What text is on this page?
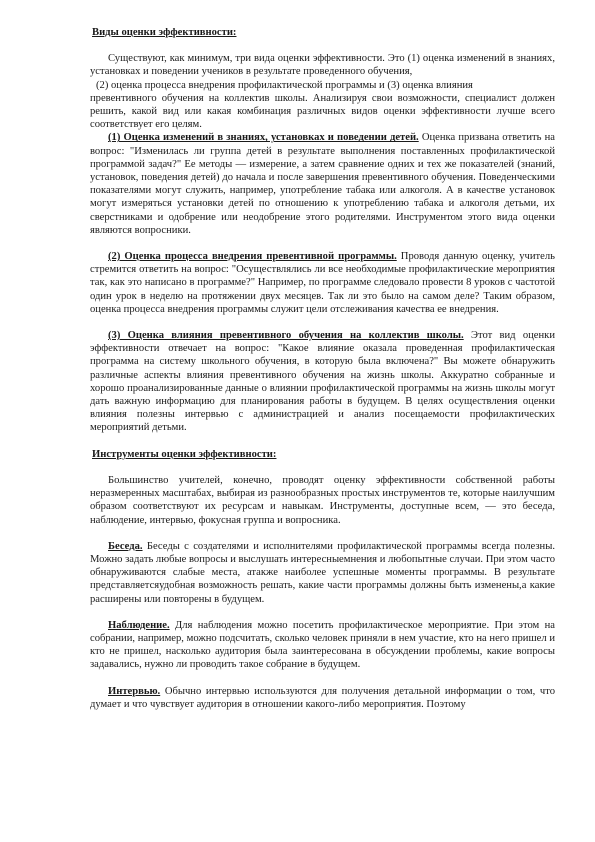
Виды оценки эффективности:

Существуют, как минимум, три вида оценки эффективности. Это (1) оценка изменений в знаниях, установках и поведении учеников в результате проведенного обучения,

(2) оценка процесса внедрения профилактической программы и (3) оценка влияния

превентивного обучения на коллектив школы. Анализируя свои возможности, специалист должен решить, какой вид или какая комбинация различных видов оценки эффективности лучше всего соответствует его целям.

(1) Оценка изменений в знаниях, установках и поведении детей. Оценка призвана ответить на вопрос: "Изменилась ли группа детей в результате выполнения поставленных профилактической программой задач?" Ее методы — измерение, а затем сравнение одних и тех же показателей (знаний, установок, поведения детей) до начала и после завершения превентивного обучения. Поведенческими показателями могут служить, например, употребление табака или алкоголя. А в качестве установок могут измеряться установки детей по отношению к употреблению табака и алкоголя детьми, их сверстниками и одобрение или неодобрение этого родителями. Инструментом этого вида оценки являются вопросники.

(2) Оценка процесса внедрения превентивной программы. Проводя данную оценку, учитель стремится ответить на вопрос: "Осуществлялись ли все необходимые профилактические мероприятия так, как это написано в программе?" Например, по программе следовало провести 8 уроков с частотой один урок в неделю на протяжении двух месяцев. Так ли это было на самом деле? Таким образом, оценка процесса внедрения программы служит цели отслеживания качества ее внедрения.

(3) Оценка влияния превентивного обучения на коллектив школы. Этот вид оценки эффективности отвечает на вопрос: "Какое влияние оказала проведенная профилактическая программа на систему школьного обучения, в которую была включена?" Вы можете обнаружить различные аспекты влияния превентивного обучения на жизнь школы. Аккуратно собранные и хорошо проанализированные данные о влиянии профилактической программы на жизнь школы могут дать важную информацию для планирования работы в будущем. В целях осуществления оценки влияния полезны интервью с администрацией и анализ посещаемости профилактических мероприятий детьми.

Инструменты оценки эффективности:

Большинство учителей, конечно, проводят оценку эффективности собственной работы неразмеренных масштабах, выбирая из разнообразных простых инструментов те, которые наилучшим образом соответствуют их ресурсам и навыкам. Инструменты, доступные всем, — это беседа, наблюдение, интервью, фокусная группа и вопросника.

Беседа. Беседы с создателями и исполнителями профилактической программы всегда полезны. Можно задать любые вопросы и выслушать интересныемнения и любопытные случаи. При этом часто обнаруживаются слабые места, атакже наиболее успешные моменты программы. В результате представляетсяудобная возможность решать, какие части программы должны быть изменены,а какие расширены или повторены в будущем.

Наблюдение. Для наблюдения можно посетить профилактическое мероприятие. При этом на собрании, например, можно подсчитать, сколько человек приняли в нем участие, кто на него пришел и кто не пришел, насколько аудитория была заинтересована в обсуждении проблемы, какие вопросы задавались, нужно ли проводить такое собрание в будущем.

Интервью. Обычно интервью используются для получения детальной информации о том, что думает и что чувствует аудитория в отношении какого-либо мероприятия. Поэтому
